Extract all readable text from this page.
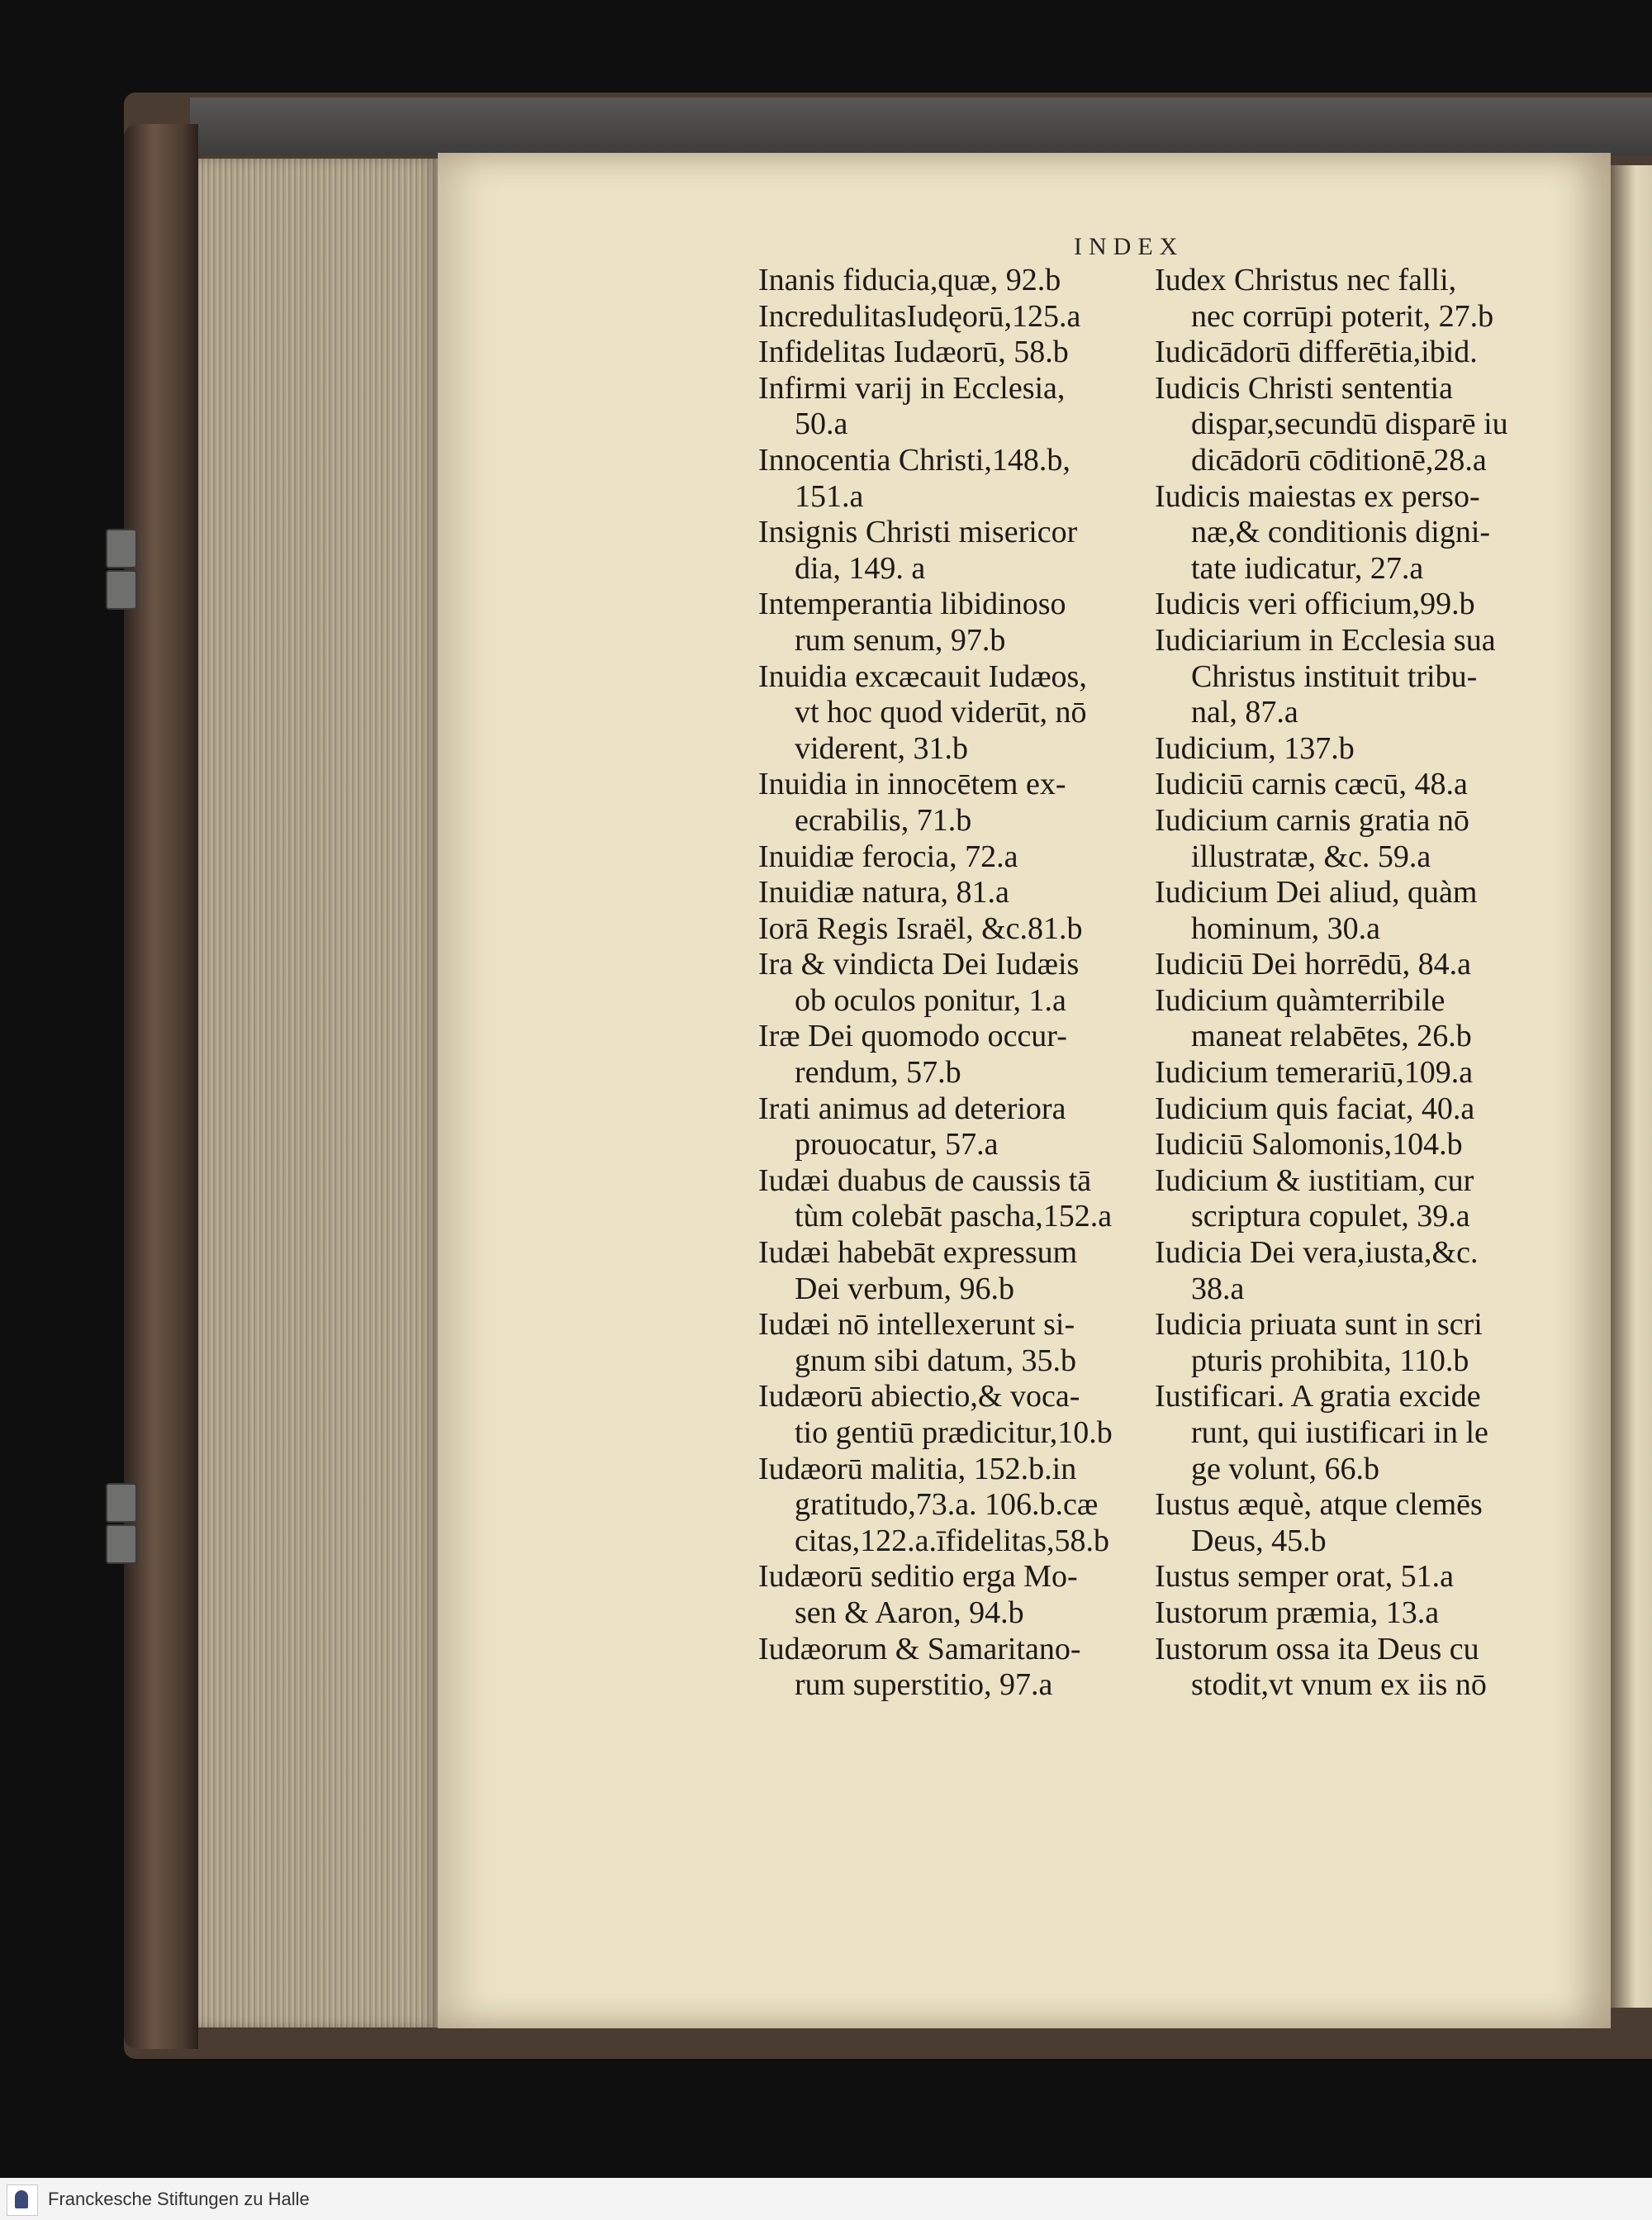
INDEX
Inanis fiducia,quæ, 92.b
IncredulitasIudęorū,125.a
Infidelitas Iudæorū, 58.b
Infirmi varij in Ecclesia,
50.a
Innocentia Christi,148.b,
151.a
Insignis Christi misericor
dia, 149. a
Intemperantia libidinoso
rum senum, 97.b
Inuidia excæcauit Iudæos,
vt hoc quod viderūt, nō
viderent, 31.b
Inuidia in innocētem ex-
ecrabilis, 71.b
Inuidiæ ferocia, 72.a
Inuidiæ natura, 81.a
Iorā Regis Israël, &c.81.b
Ira & vindicta Dei Iudæis
ob oculos ponitur, 1.a
Iræ Dei quomodo occur-
rendum, 57.b
Irati animus ad deteriora
prouocatur, 57.a
Iudæi duabus de caussis tā
tùm colebāt pascha,152.a
Iudæi habebāt expressum
Dei verbum, 96.b
Iudæi nō intellexerunt si-
gnum sibi datum, 35.b
Iudæorū abiectio,& voca-
tio gentiū prædicitur,10.b
Iudæorū malitia, 152.b.in
gratitudo,73.a. 106.b.cæ
citas,122.a.īfidelitas,58.b
Iudæorū seditio erga Mo-
sen & Aaron, 94.b
Iudæorum & Samaritano-
rum superstitio, 97.a
Iudex Christus nec falli,
nec corrūpi poterit, 27.b
Iudicādorū differētia,ibid.
Iudicis Christi sententia
dispar,secundū disparē iu
dicādorū cōditionē,28.a
Iudicis maiestas ex perso-
næ,& conditionis digni-
tate iudicatur, 27.a
Iudicis veri officium,99.b
Iudiciarium in Ecclesia sua
Christus instituit tribu-
nal, 87.a
Iudicium, 137.b
Iudiciū carnis cæcū, 48.a
Iudicium carnis gratia nō
illustratæ, &c. 59.a
Iudicium Dei aliud, quàm
hominum, 30.a
Iudiciū Dei horrēdū, 84.a
Iudicium quàmterribile
maneat relabētes, 26.b
Iudicium temerariū,109.a
Iudicium quis faciat, 40.a
Iudiciū Salomonis,104.b
Iudicium & iustitiam, cur
scriptura copulet, 39.a
Iudicia Dei vera,iusta,&c.
38.a
Iudicia priuata sunt in scri
pturis prohibita, 110.b
Iustificari. A gratia excide
runt, qui iustificari in le
ge volunt, 66.b
Iustus æquè, atque clemēs
Deus, 45.b
Iustus semper orat, 51.a
Iustorum præmia, 13.a
Iustorum ossa ita Deus cu
stodit,vt vnum ex iis nō
Franckesche Stiftungen zu Halle
